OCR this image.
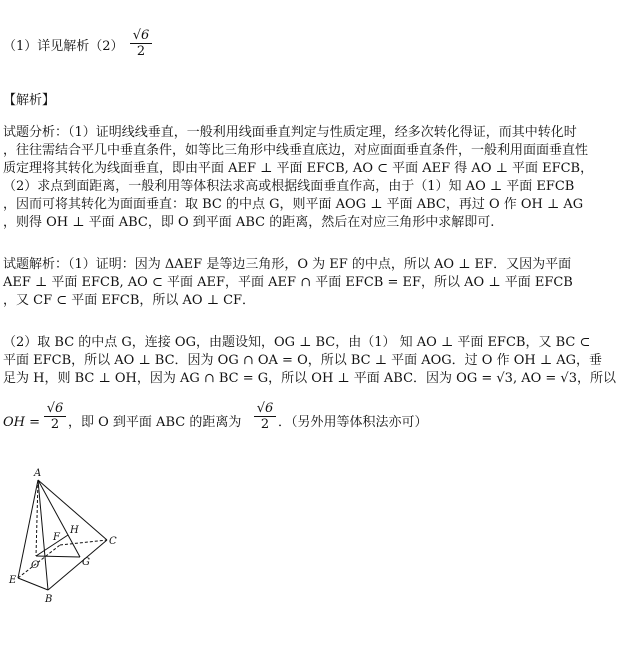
（1）详见解析$(2) \frac{√6}{2}$
【解析】
试题分析：（1）证明线线垂直，一般利用线面垂直判定与性质定理，经多次转化得证，而其中转化时
，往往需结合平几中垂直条件，如等比三角形中线垂直底边，对应面面垂直条件，一般利用面面垂直性
质定理将其转化为线面垂直，即由平面 AEF ⊥ 平面 EFCB, AO ⊂ 平面 AEF 得 AO ⊥ 平面 EFCB，
（2）求点到面距离，一般利用等体积法求高或根据线面垂直作高，由于（1）知 AO ⊥ 平面 EFCB
，因而可将其转化为面面垂直：取 BC 的中点 G，则平面 AOG ⊥ 平面 ABC，再过 O 作 OH ⊥ AG
，则得 OH ⊥ 平面 ABC，即 O 到平面 ABC 的距离，然后在对应三角形中求解即可.
试题解析：（1）证明：因为 ΔAEF 是等边三角形，O 为 EF 的中点，所以 AO ⊥ EF．又因为平面
AEF ⊥ 平面 EFCB, AO ⊂ 平面 AEF，平面 AEF ∩ 平面 EFCB = EF，所以 AO ⊥ 平面 EFCB
，又 CF ⊂ 平面 EFCB，所以 AO ⊥ CF．
（2）取 BC 的中点 G，连接 OG，由题设知，OG ⊥ BC，由（1） 知 AO ⊥ 平面 EFCB，又 BC ⊂
平面 EFCB，所以 AO ⊥ BC．因为 OG ∩ OA = O，所以 BC ⊥ 平面 AOG．过 O 作 OH ⊥ AG，垂
足为 H，则 BC ⊥ OH，因为 AG ∩ BC = G，所以 OH ⊥ 平面 ABC．因为 OG = √3, AO = √3，所以
OH = $\frac{√6}{2}$ ，即 O 到平面 ABC 的距离为 $\frac{√6}{2}$ ．（另外用等体积法亦可）
A
B
C
E
F
G
H
O
